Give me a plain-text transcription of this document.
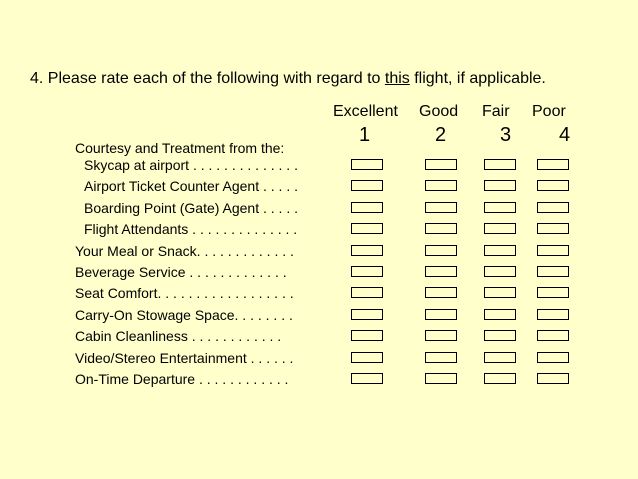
4. Please rate each of the following with regard to this flight, if applicable.
Excellent Good Fair Poor
1	2	3 4
Courtesy and Treatment from the:
Skycap at airport . . . . . . . . . . . . . .
Airport Ticket Counter Agent . . . . .
Boarding Point (Gate) Agent . . . . .
Flight Attendants . . . . . . . . . . . . . .
Your Meal or Snack. . . . . . . . . . . . .
Beverage Service . . . . . . . . . . . . .
Seat Comfort. . . . . . . . . . . . . . . . . .
Carry-On Stowage Space. . . . . . . .
Cabin Cleanliness . . . . . . . . . . . .
Video/Stereo Entertainment . . . . . .
On-Time Departure . . . . . . . . . . . .
